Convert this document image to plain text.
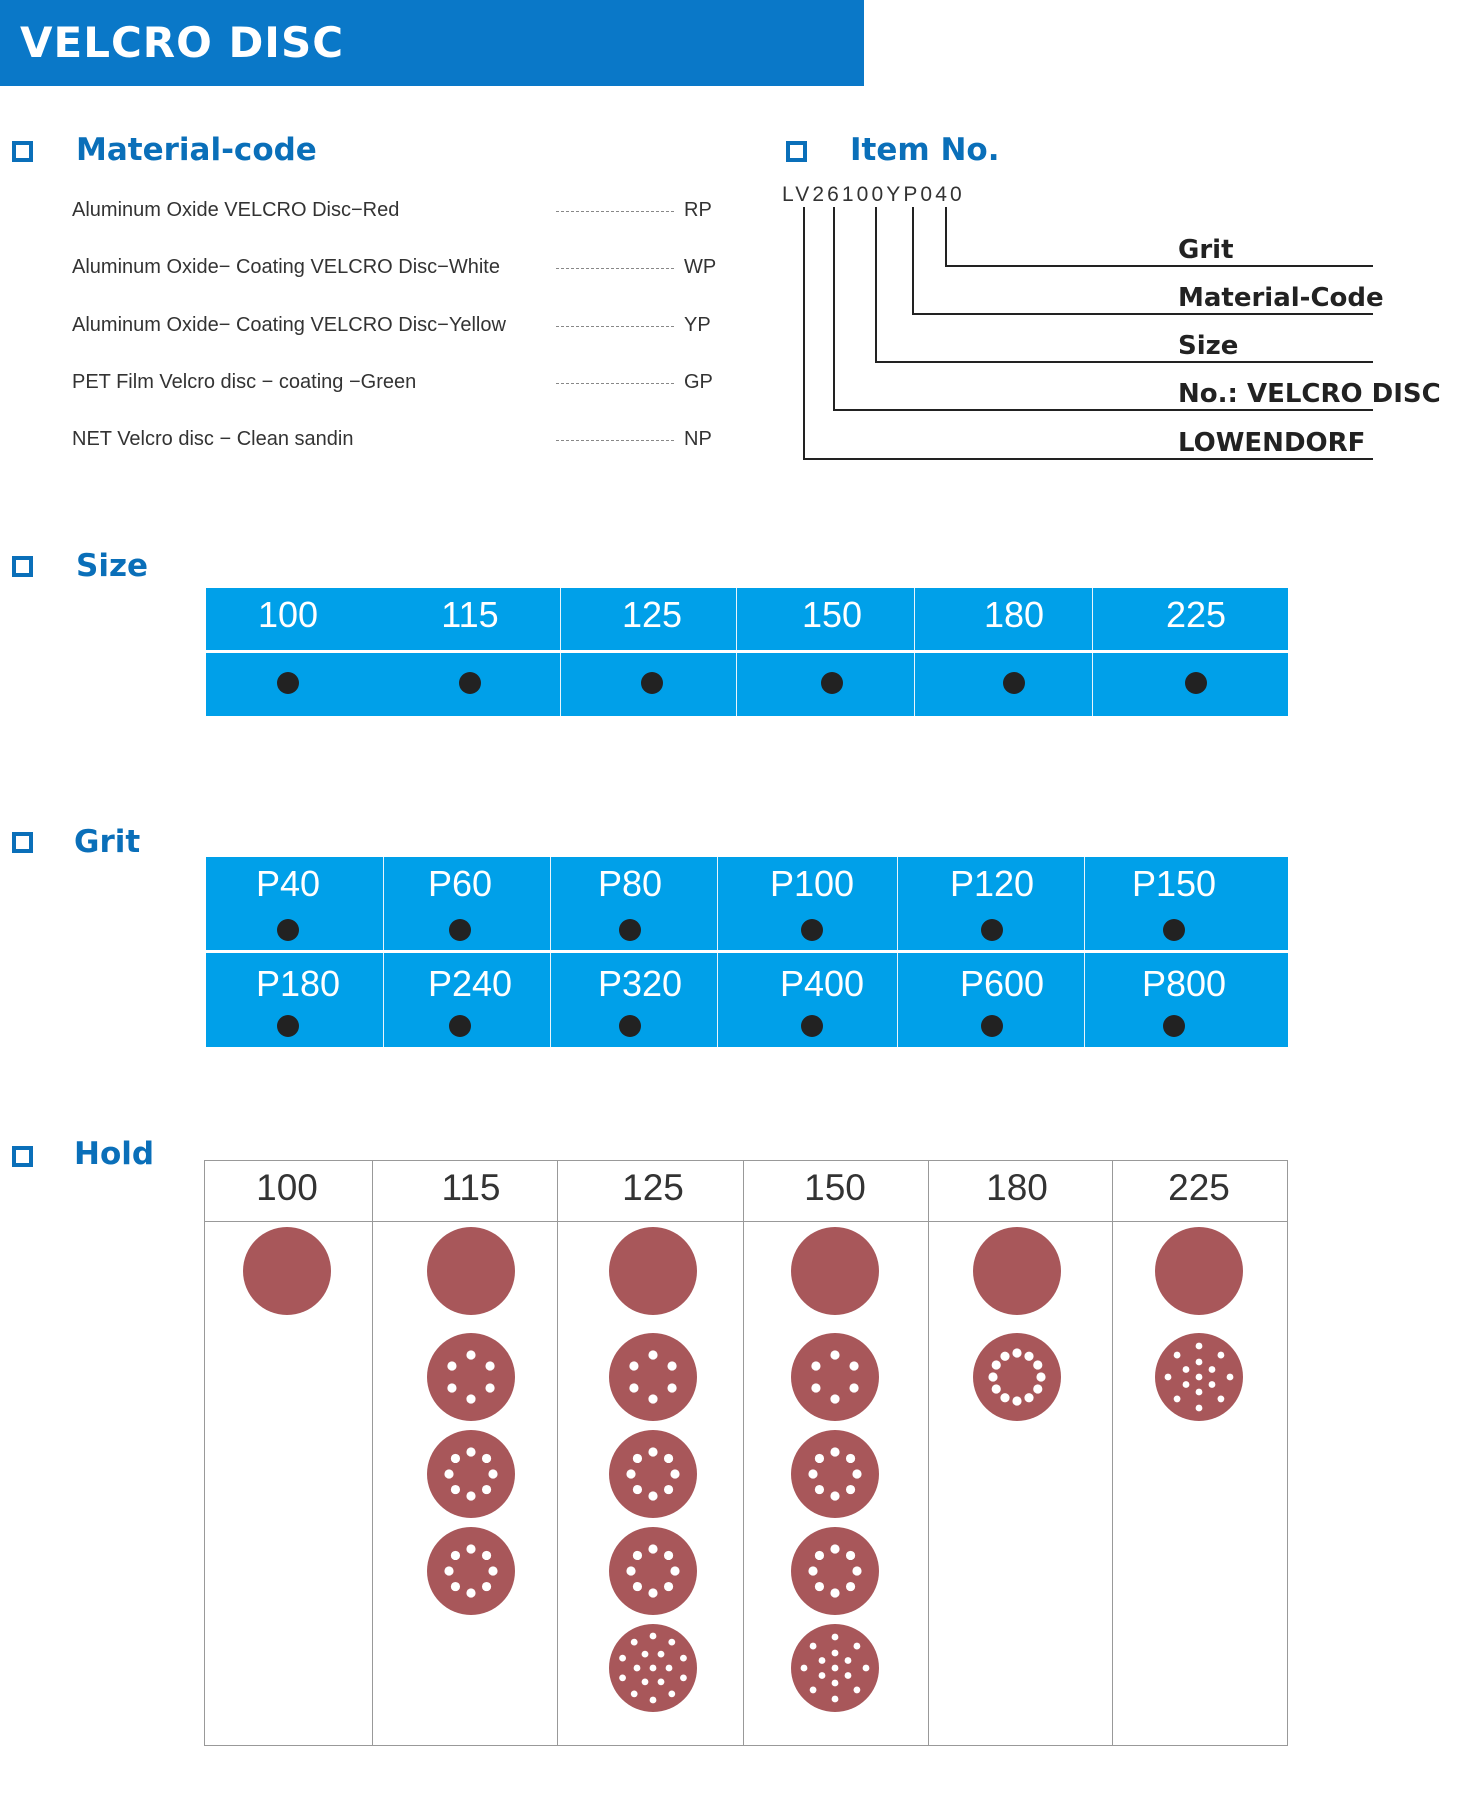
VELCRO DISC
Material-code
Aluminum Oxide VELCRO Disc−Red	RP
Aluminum Oxide− Coating VELCRO Disc−White	WP
Aluminum Oxide− Coating VELCRO Disc−Yellow	YP
PET Film Velcro disc − coating −Green	GP
NET Velcro disc − Clean sandin	NP
Item No.
LV26100YP040
Grit
Material-Code
Size
No.: VELCRO DISC
LOWENDORF
Size
100	115	125	150	180	225
Grit
P40	P60	P80	P100	P120	P150
P180	P240	P320	P400	P600	P800
Hold
100	115	125	150	180	225
